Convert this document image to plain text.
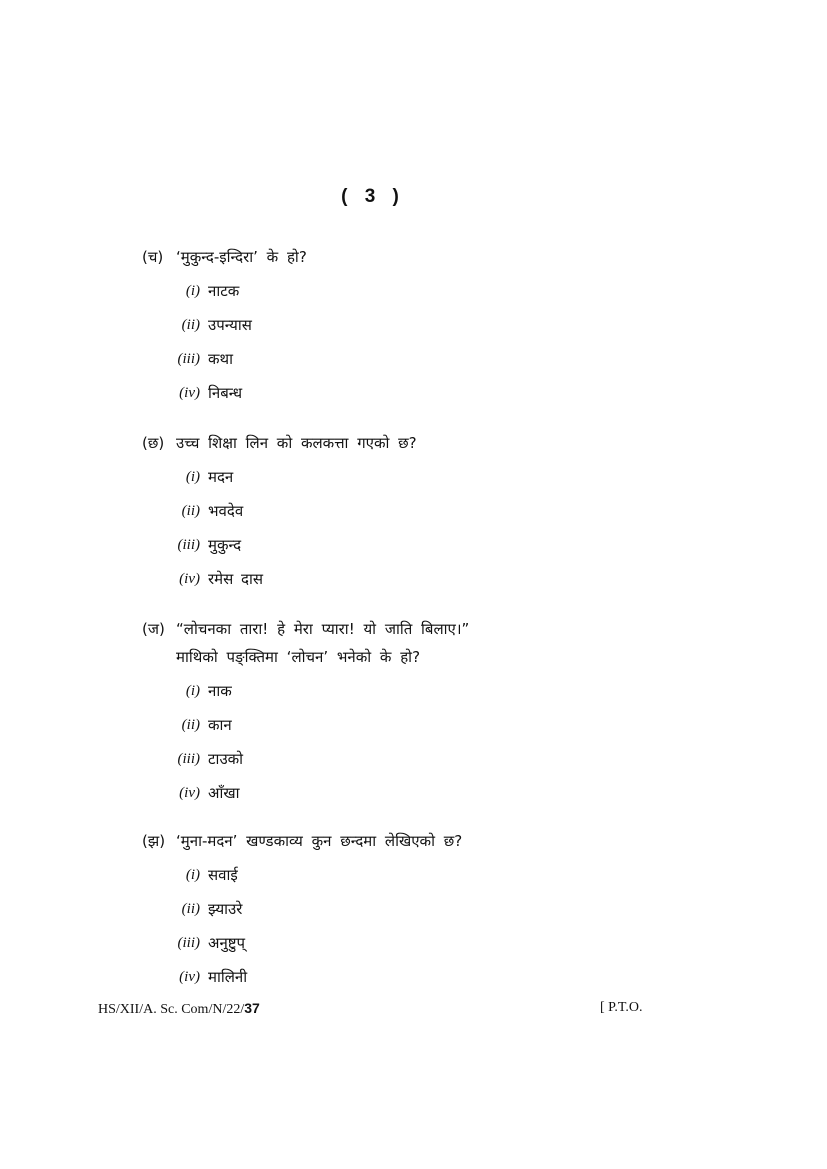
( 3 )
(च) ‘मुकुन्द-इन्दिरा’ के हो?
(i) नाटक
(ii) उपन्यास
(iii) कथा
(iv) निबन्ध
(छ) उच्च शिक्षा लिन को कलकत्ता गएको छ?
(i) मदन
(ii) भवदेव
(iii) मुकुन्द
(iv) रमेस दास
(ज) “लोचनका तारा! हे मेरा प्यारा! यो जाति बिलाए।”
माथिको पङ्क्तिमा ‘लोचन’ भनेको के हो?
(i) नाक
(ii) कान
(iii) टाउको
(iv) आँखा
(झ) ‘मुना-मदन’ खण्डकाव्य कुन छन्दमा लेखिएको छ?
(i) सवाई
(ii) झ्याउरे
(iii) अनुष्टुप्
(iv) मालिनी
HS/XII/A. Sc. Com/N/22/37	[ P.T.O.
